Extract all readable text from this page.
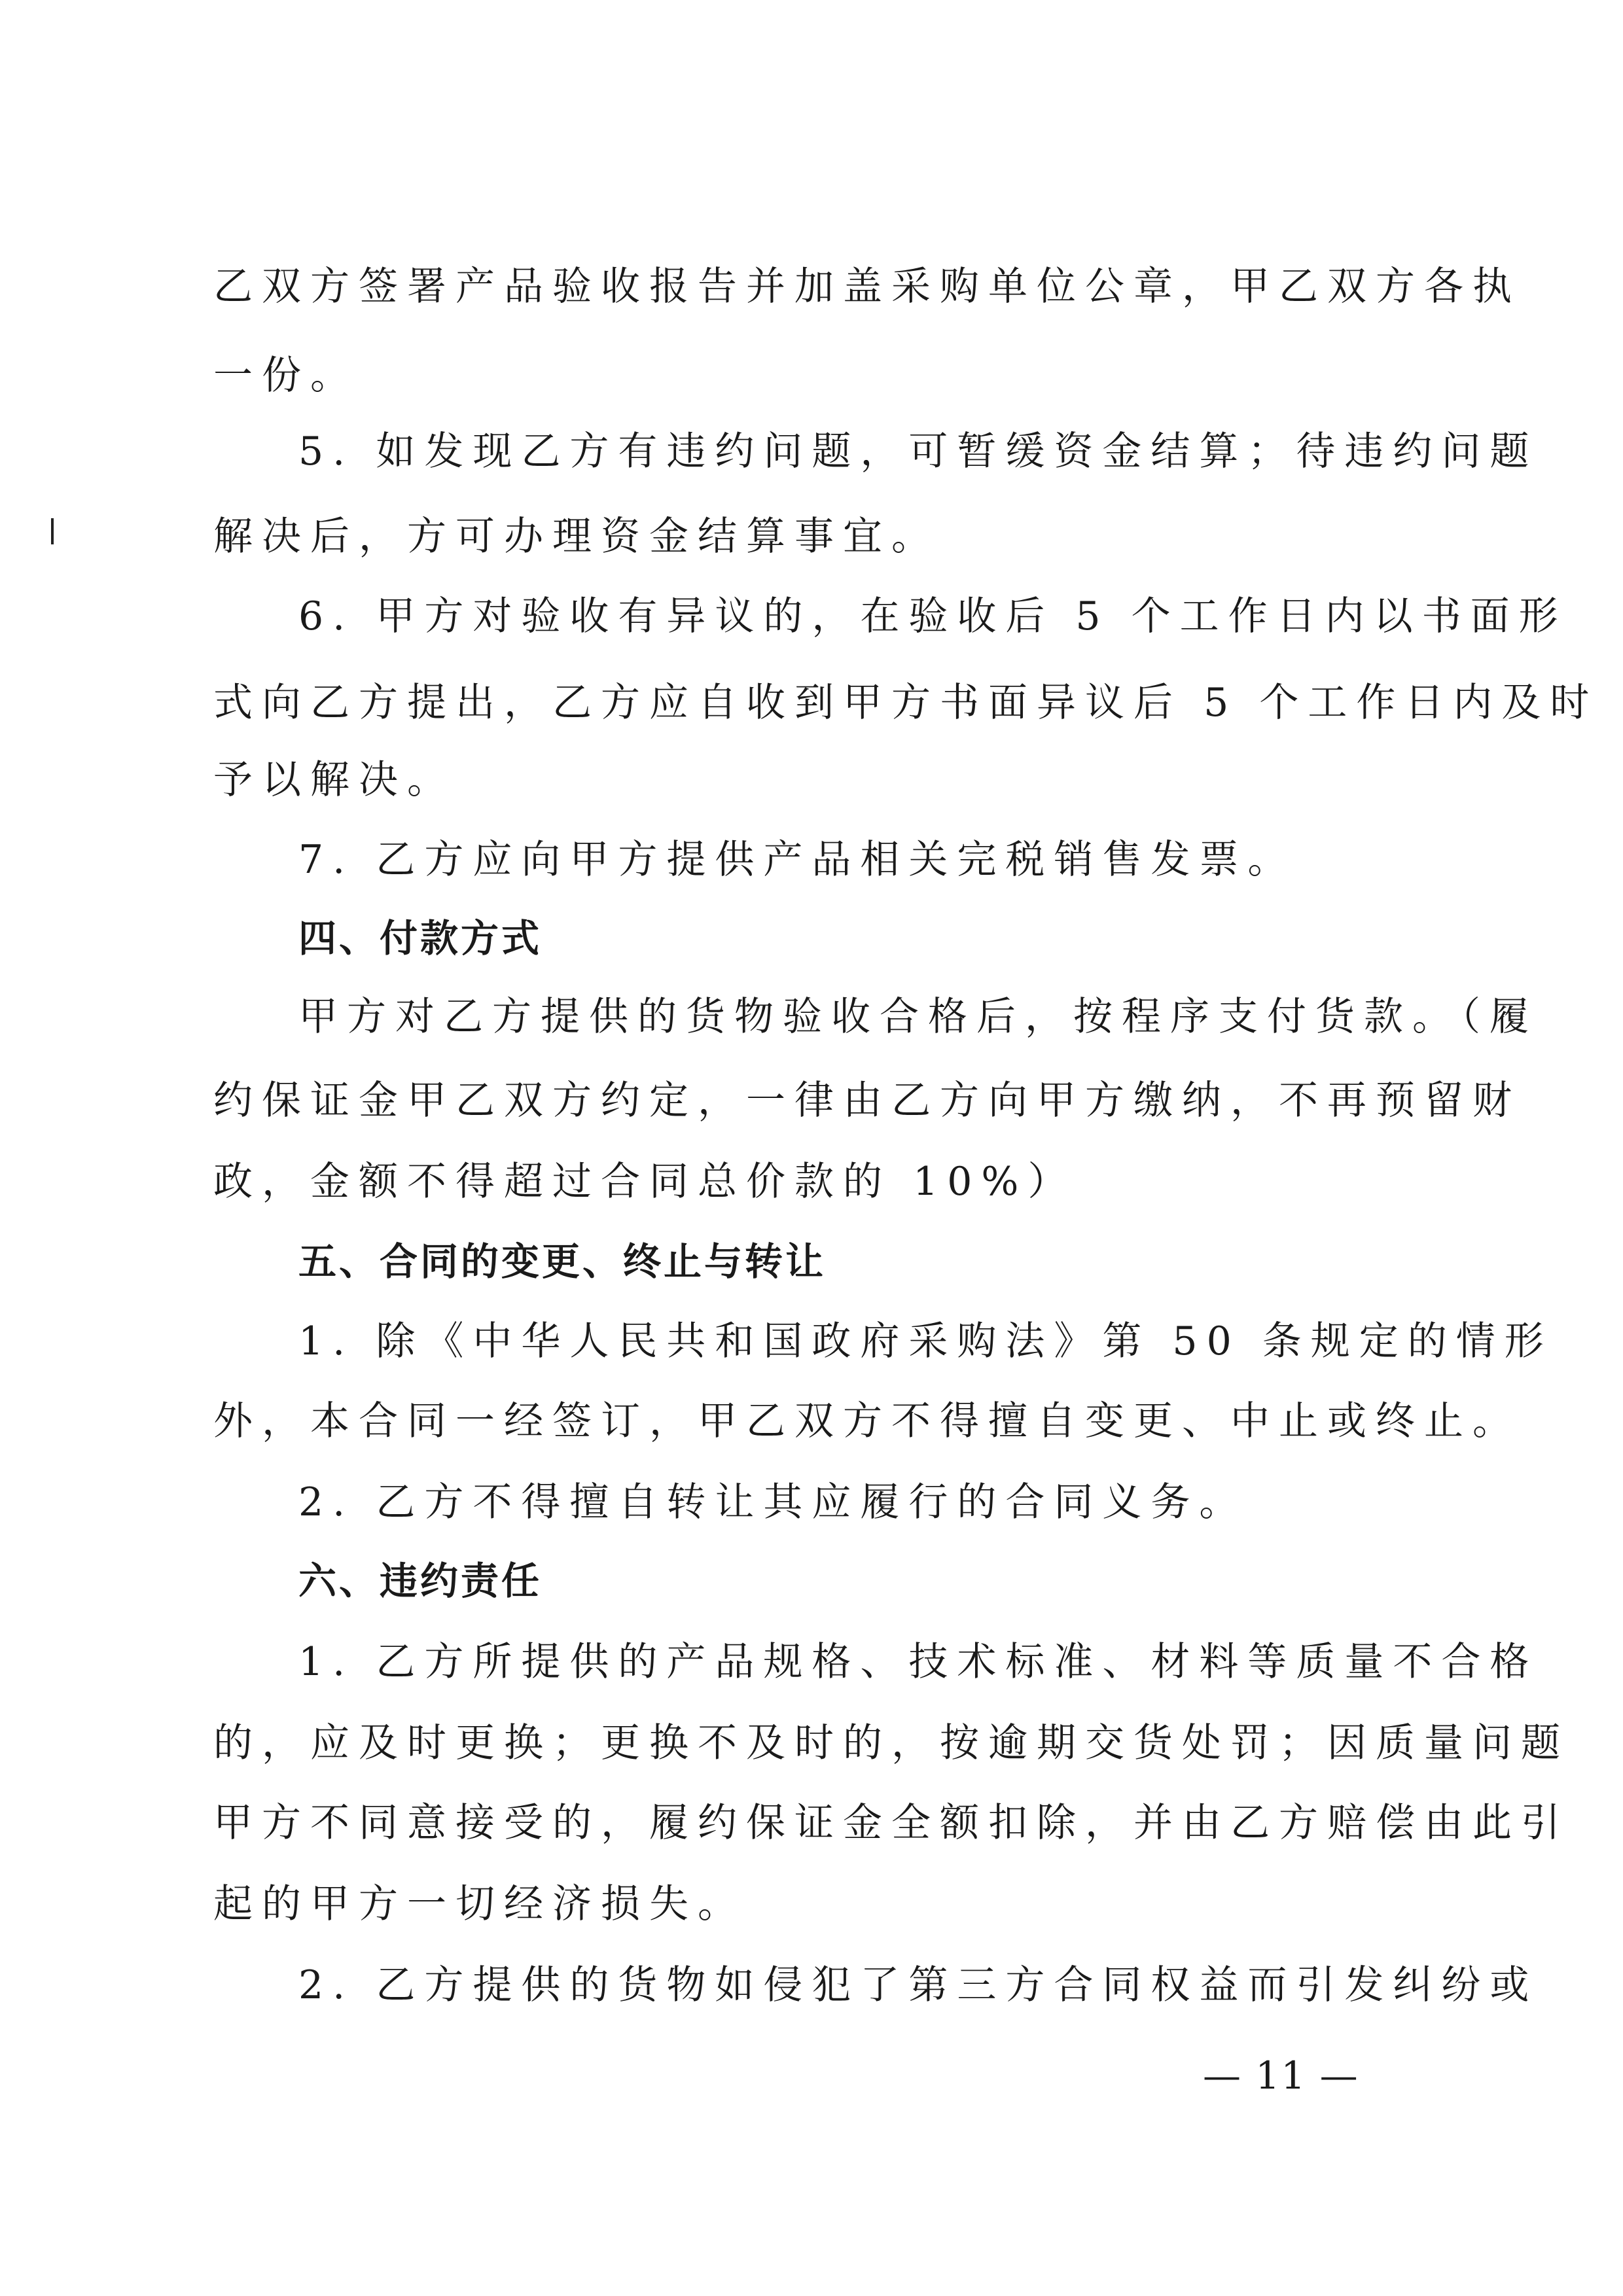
乙双方签署产品验收报告并加盖采购单位公章，甲乙双方各执
一份。
5. 如发现乙方有违约问题，可暂缓资金结算；待违约问题
解决后，方可办理资金结算事宜。
6. 甲方对验收有异议的，在验收后 5 个工作日内以书面形
式向乙方提出，乙方应自收到甲方书面异议后 5 个工作日内及时
予以解决。
7. 乙方应向甲方提供产品相关完税销售发票。
四、付款方式
甲方对乙方提供的货物验收合格后，按程序支付货款。（履
约保证金甲乙双方约定，一律由乙方向甲方缴纳，不再预留财
政，金额不得超过合同总价款的 10%）
五、合同的变更、终止与转让
1. 除《中华人民共和国政府采购法》第 50 条规定的情形
外，本合同一经签订，甲乙双方不得擅自变更、中止或终止。
2. 乙方不得擅自转让其应履行的合同义务。
六、违约责任
1. 乙方所提供的产品规格、技术标准、材料等质量不合格
的，应及时更换；更换不及时的，按逾期交货处罚；因质量问题
甲方不同意接受的，履约保证金全额扣除，并由乙方赔偿由此引
起的甲方一切经济损失。
2. 乙方提供的货物如侵犯了第三方合同权益而引发纠纷或
— 11 —
